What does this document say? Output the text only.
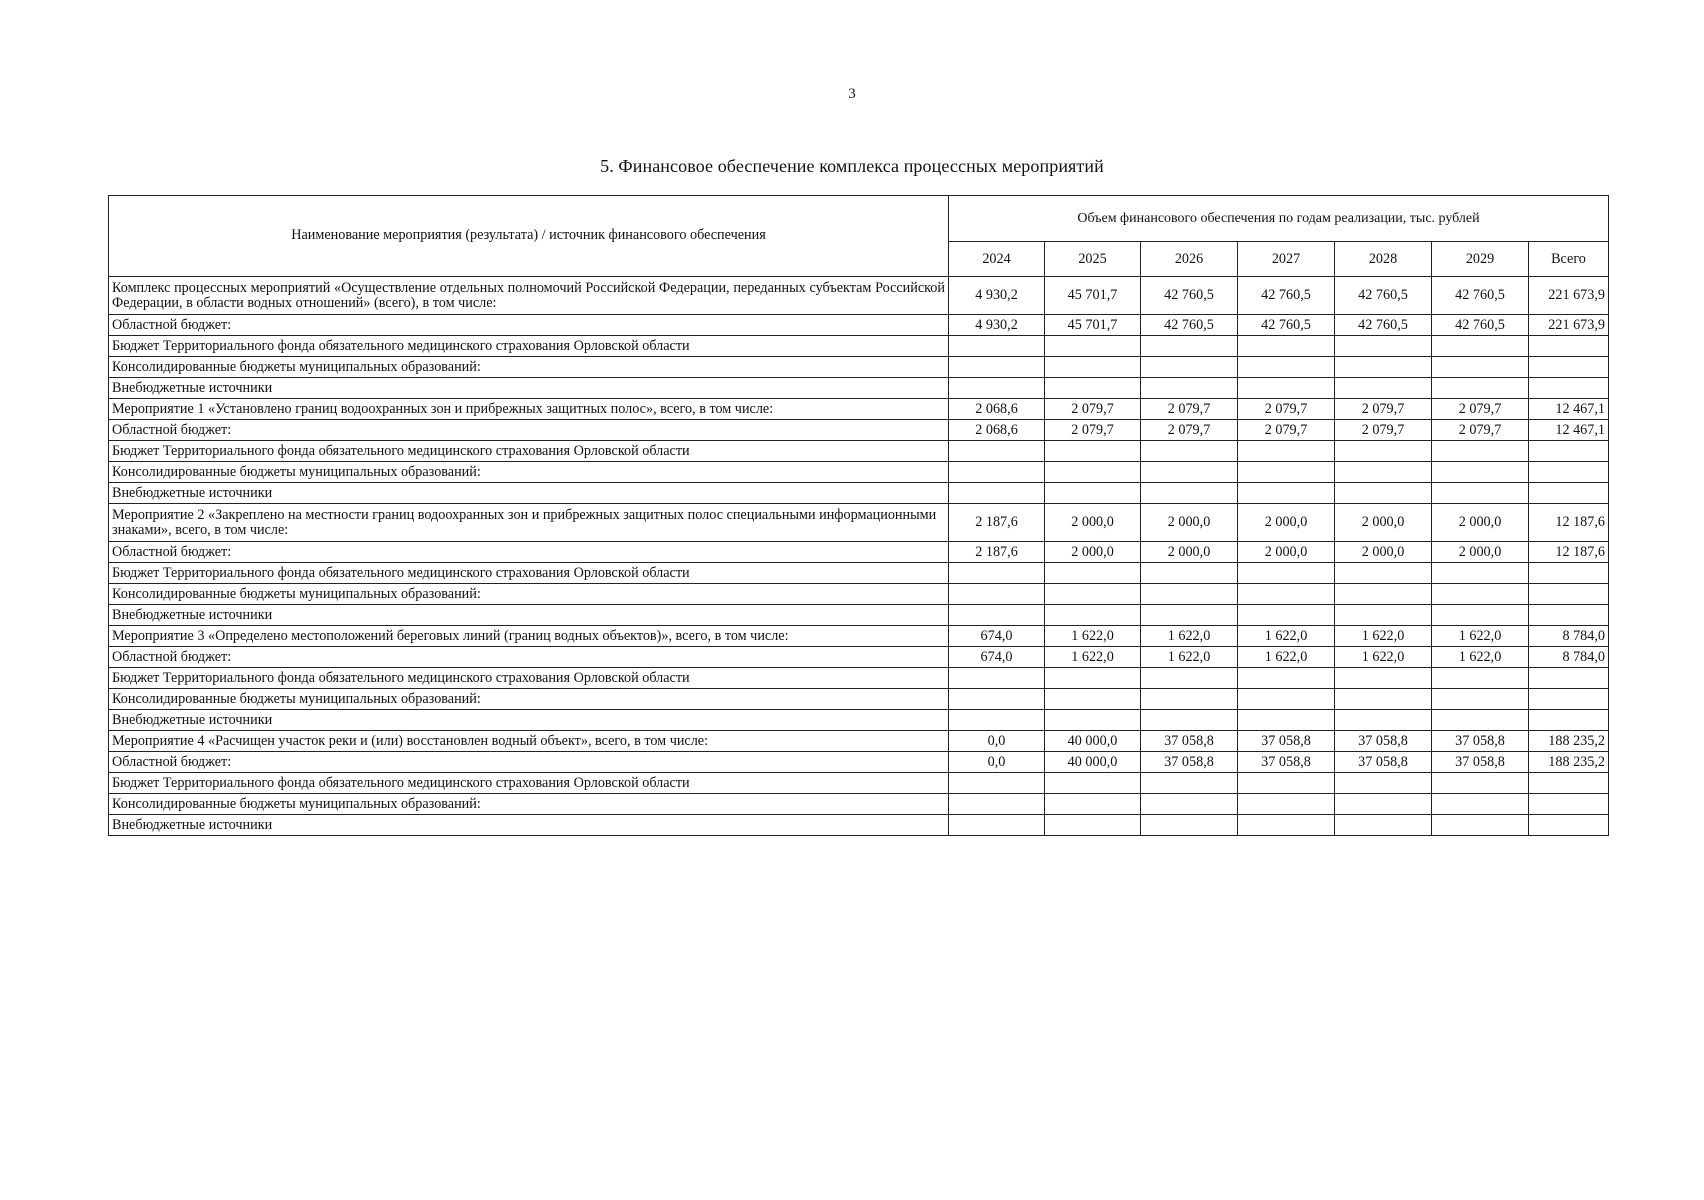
3
5. Финансовое обеспечение комплекса процессных мероприятий
Наименование мероприятия (результата) / источник финансового обеспечения	Объем финансового обеспечения по годам реализации, тыс. рублей						
	2024	2025	2026	2027	2028	2029	Всего
Комплекс процессных мероприятий «Осуществление отдельных полномочий Российской Федерации, переданных субъектам Российской Федерации, в области водных отношений» (всего), в том числе:	4 930,2	45 701,7	42 760,5	42 760,5	42 760,5	42 760,5	221 673,9
Областной бюджет:	4 930,2	45 701,7	42 760,5	42 760,5	42 760,5	42 760,5	221 673,9
Бюджет Территориального фонда обязательного медицинского страхования Орловской области							
Консолидированные бюджеты муниципальных образований:							
Внебюджетные источники							
Мероприятие 1 «Установлено границ водоохранных зон и прибрежных защитных полос», всего, в том числе:	2 068,6	2 079,7	2 079,7	2 079,7	2 079,7	2 079,7	12 467,1
Областной бюджет:	2 068,6	2 079,7	2 079,7	2 079,7	2 079,7	2 079,7	12 467,1
Бюджет Территориального фонда обязательного медицинского страхования Орловской области							
Консолидированные бюджеты муниципальных образований:							
Внебюджетные источники							
Мероприятие 2 «Закреплено на местности границ водоохранных зон и прибрежных защитных полос специальными информационными знаками», всего, в том числе:	2 187,6	2 000,0	2 000,0	2 000,0	2 000,0	2 000,0	12 187,6
Областной бюджет:	2 187,6	2 000,0	2 000,0	2 000,0	2 000,0	2 000,0	12 187,6
Бюджет Территориального фонда обязательного медицинского страхования Орловской области							
Консолидированные бюджеты муниципальных образований:							
Внебюджетные источники							
Мероприятие 3 «Определено местоположений береговых линий (границ водных объектов)», всего, в том числе:	674,0	1 622,0	1 622,0	1 622,0	1 622,0	1 622,0	8 784,0
Областной бюджет:	674,0	1 622,0	1 622,0	1 622,0	1 622,0	1 622,0	8 784,0
Бюджет Территориального фонда обязательного медицинского страхования Орловской области							
Консолидированные бюджеты муниципальных образований:							
Внебюджетные источники							
Мероприятие 4 «Расчищен участок реки и (или) восстановлен водный объект», всего, в том числе:	0,0	40 000,0	37 058,8	37 058,8	37 058,8	37 058,8	188 235,2
Областной бюджет:	0,0	40 000,0	37 058,8	37 058,8	37 058,8	37 058,8	188 235,2
Бюджет Территориального фонда обязательного медицинского страхования Орловской области							
Консолидированные бюджеты муниципальных образований:							
Внебюджетные источники							
